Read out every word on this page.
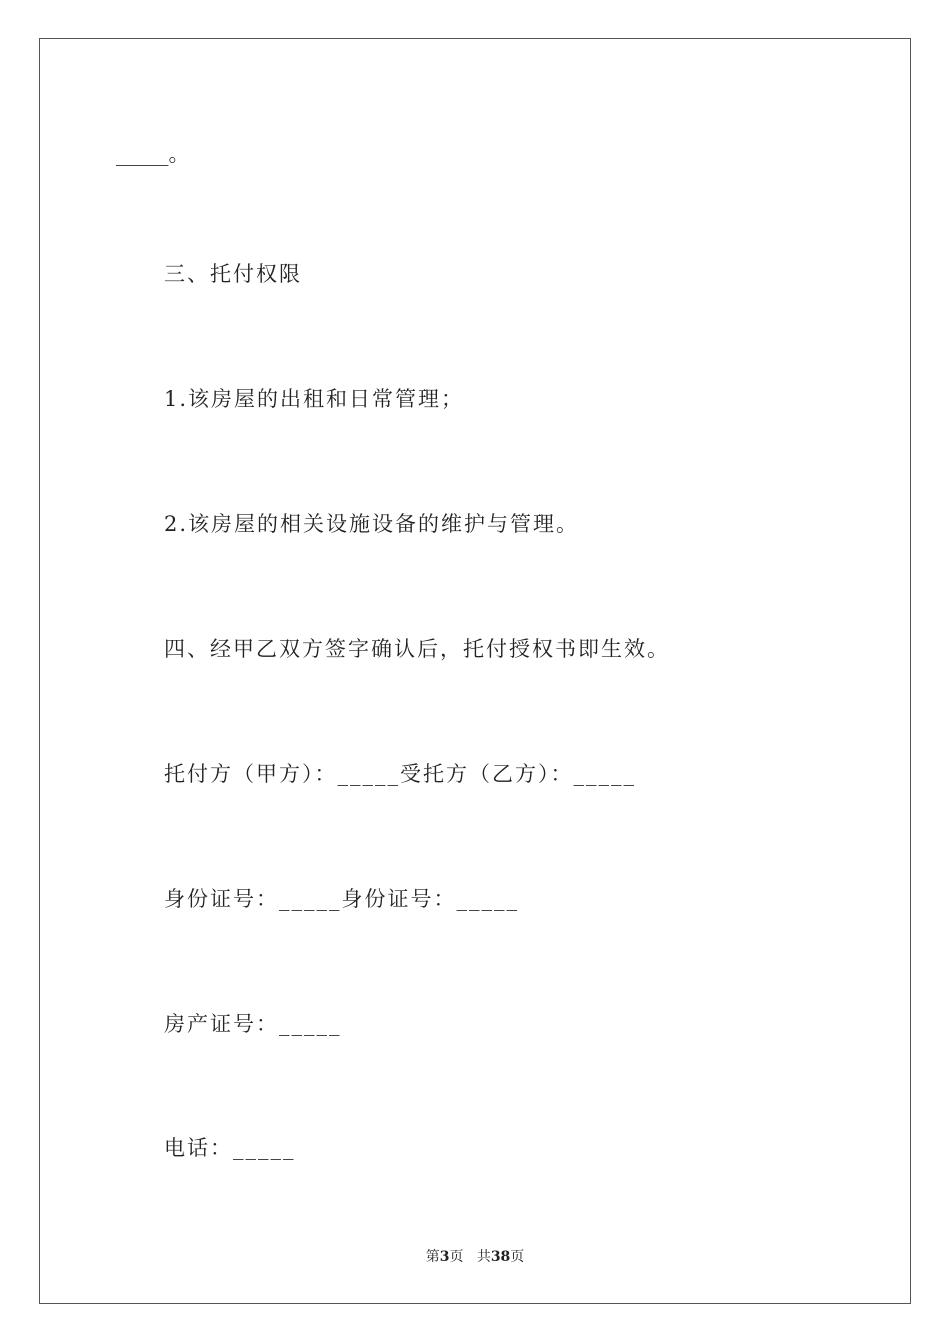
_____。
三、托付权限
1.该房屋的出租和日常管理；
2.该房屋的相关设施设备的维护与管理。
四、经甲乙双方签字确认后，托付授权书即生效。
托付方（甲方）：_____受托方（乙方）：_____
身份证号：_____身份证号：_____
房产证号：_____
电话：_____
第3页 共38页
